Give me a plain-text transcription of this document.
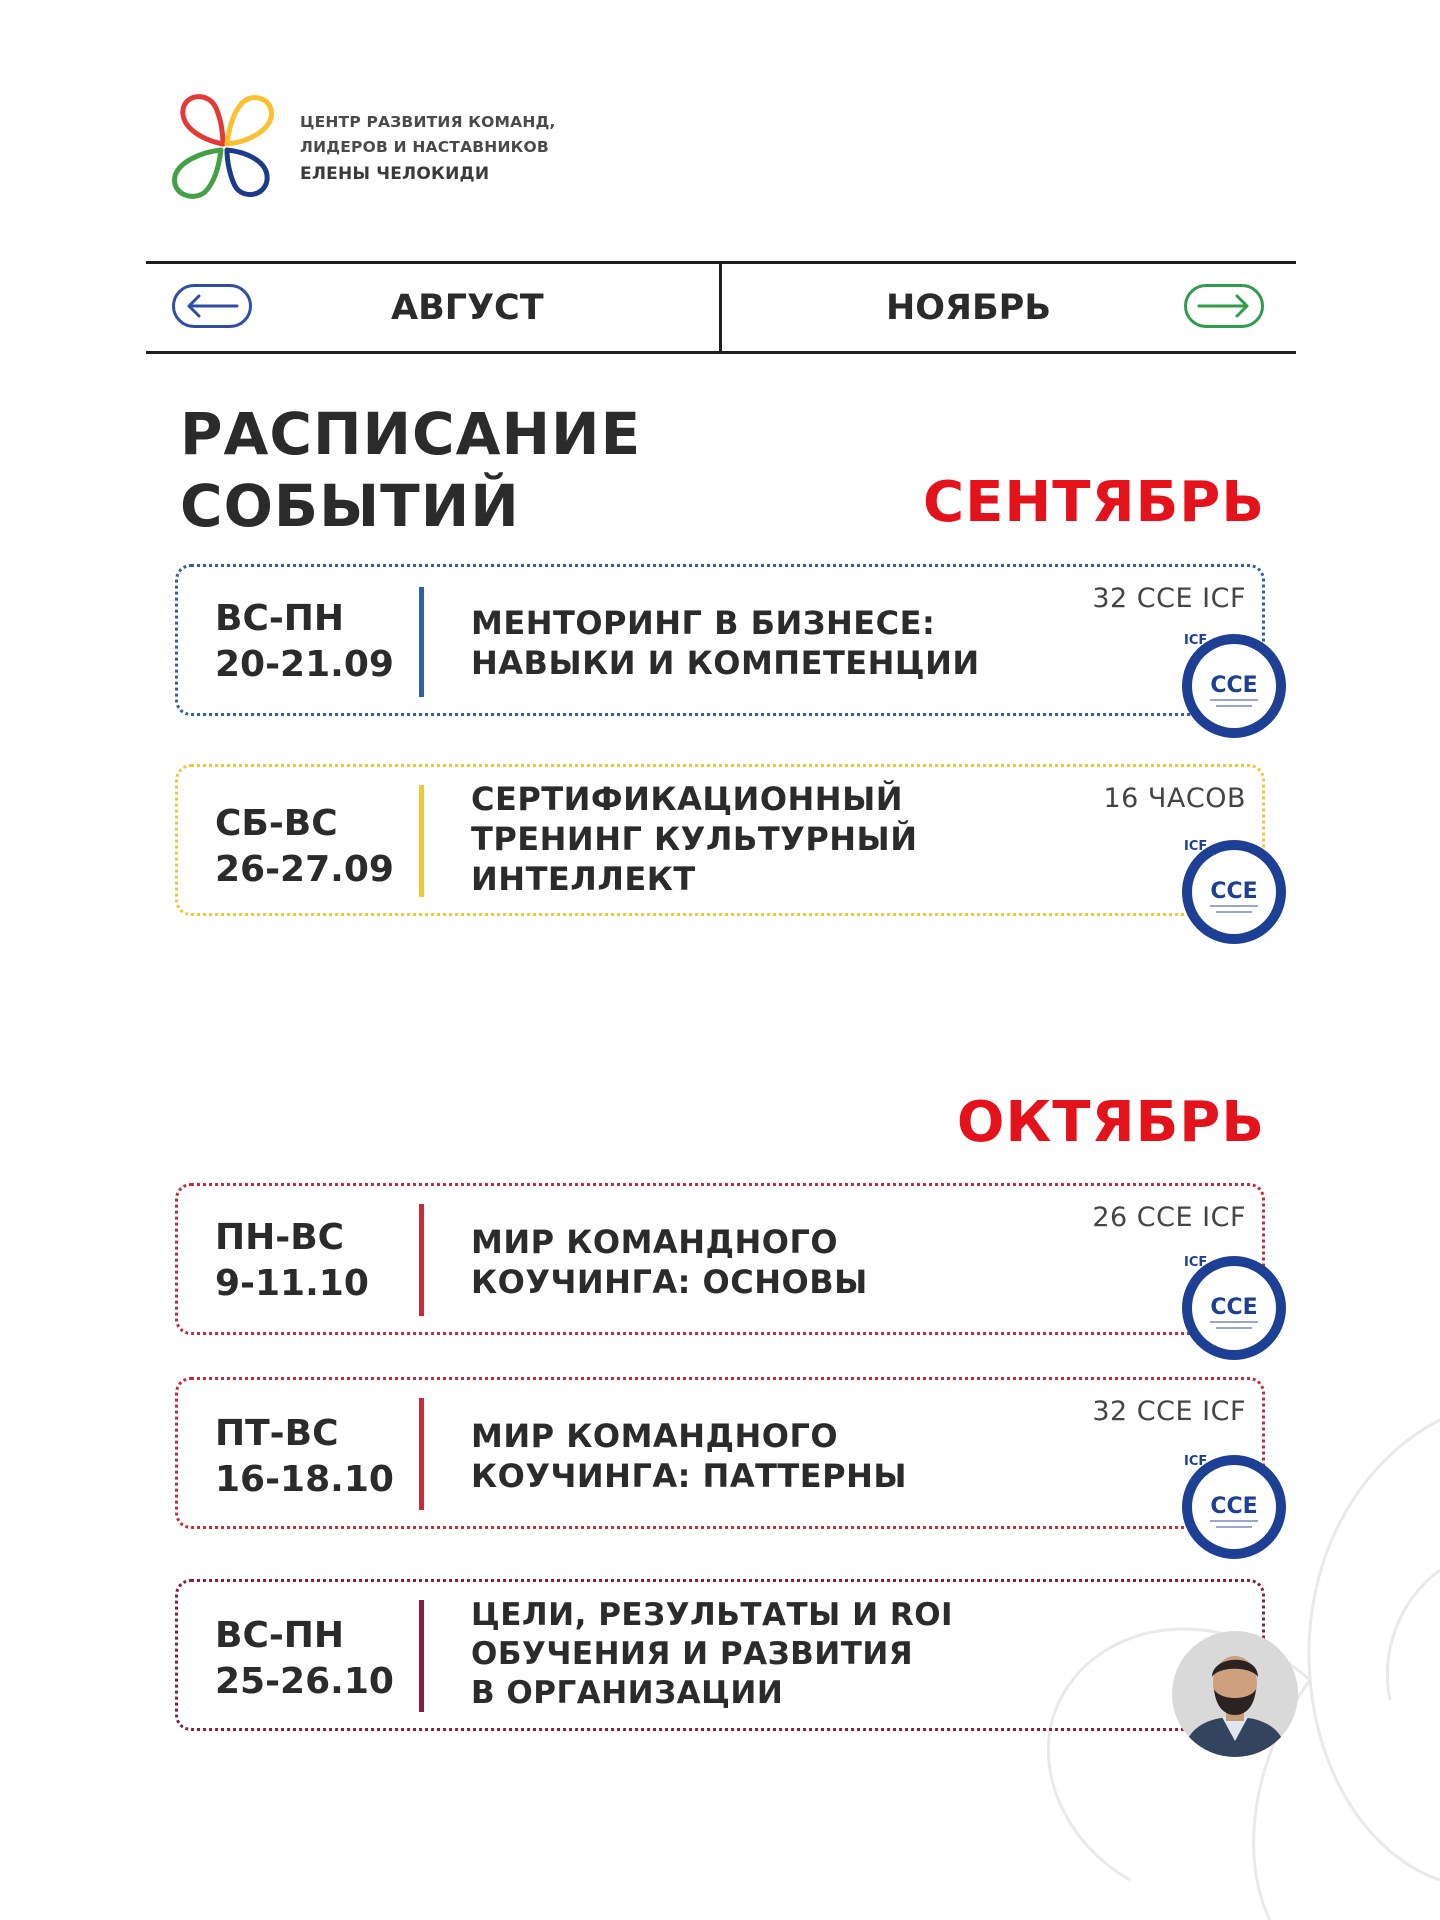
ЦЕНТР РАЗВИТИЯ КОМАНД,
ЛИДЕРОВ И НАСТАВНИКОВ
ЕЛЕНЫ ЧЕЛОКИДИ
АВГУСТ	НОЯБРЬ
РАСПИСАНИЕ
СОБЫТИЙ	СЕНТЯБРЬ
ВС-ПН
20-21.09
МЕНТОРИНГ В БИЗНЕСЕ:
НАВЫКИ И КОМПЕТЕНЦИИ
32 CCE ICF
СБ-ВС
26-27.09
СЕРТИФИКАЦИОННЫЙ
ТРЕНИНГ КУЛЬТУРНЫЙ
ИНТЕЛЛЕКТ
16 ЧАСОВ
ОКТЯБРЬ
ПН-ВС
9-11.10
МИР КОМАНДНОГО
КОУЧИНГА: ОСНОВЫ
26 CCE ICF
ПТ-ВС
16-18.10
МИР КОМАНДНОГО
КОУЧИНГА: ПАТТЕРНЫ
32 CCE ICF
ВС-ПН
25-26.10
ЦЕЛИ, РЕЗУЛЬТАТЫ И ROI
ОБУЧЕНИЯ И РАЗВИТИЯ
В ОРГАНИЗАЦИИ
ICF
CCE
ICF
CCE
ICF
CCE
ICF
CCE
